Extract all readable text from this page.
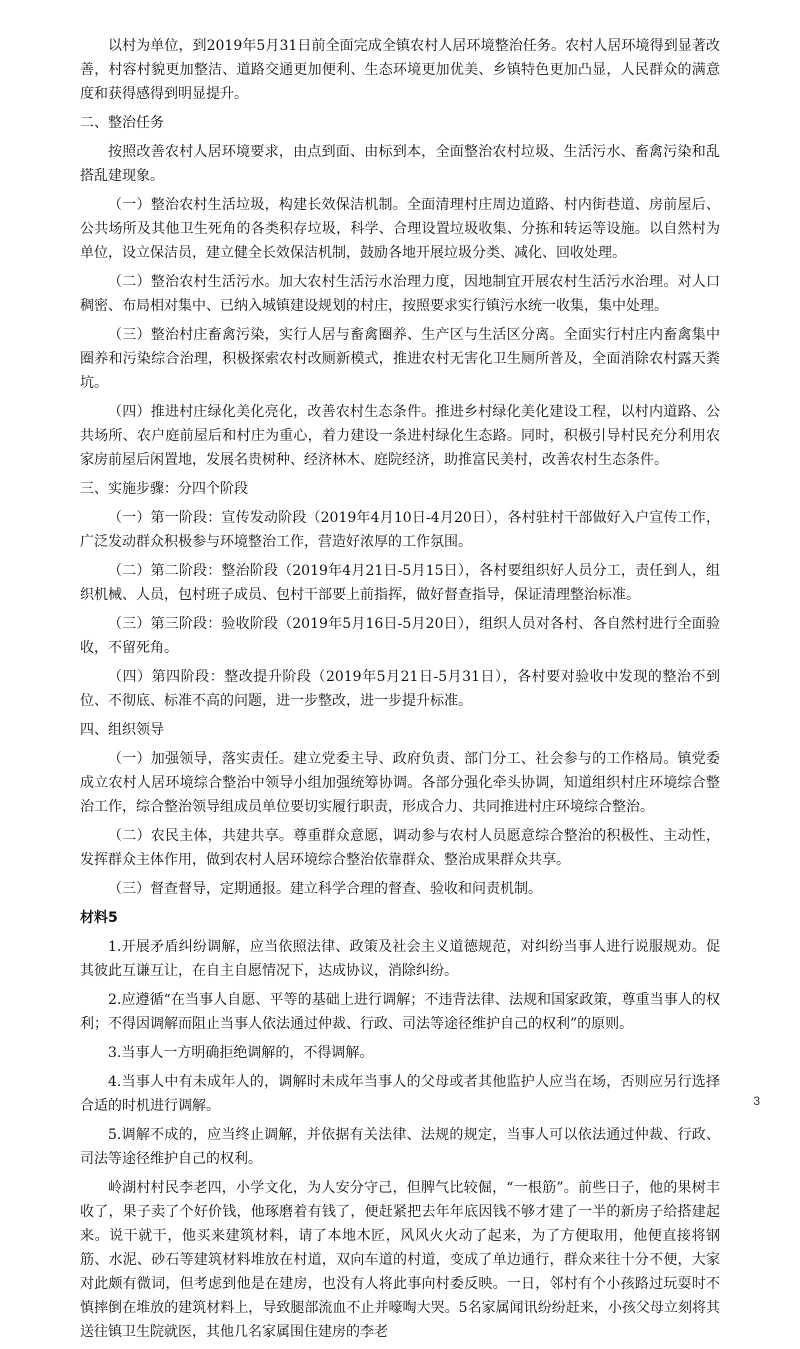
以村为单位，到2019年5月31日前全面完成全镇农村人居环境整治任务。农村人居环境得到显著改善，村容村貌更加整洁、道路交通更加便利、生态环境更加优美、乡镇特色更加凸显，人民群众的满意度和获得感得到明显提升。

二、整治任务

按照改善农村人居环境要求，由点到面、由标到本，全面整治农村垃圾、生活污水、畜禽污染和乱搭乱建现象。

（一）整治农村生活垃圾，构建长效保洁机制。全面清理村庄周边道路、村内街巷道、房前屋后、公共场所及其他卫生死角的各类积存垃圾，科学、合理设置垃圾收集、分拣和转运等设施。以自然村为单位，设立保洁员，建立健全长效保洁机制，鼓励各地开展垃圾分类、减化、回收处理。

（二）整治农村生活污水。加大农村生活污水治理力度，因地制宜开展农村生活污水治理。对人口稠密、布局相对集中、已纳入城镇建设规划的村庄，按照要求实行镇污水统一收集，集中处理。

（三）整治村庄畜禽污染，实行人居与畜禽圈养、生产区与生活区分离。全面实行村庄内畜禽集中圈养和污染综合治理，积极探索农村改厕新模式，推进农村无害化卫生厕所普及，全面消除农村露天粪坑。

（四）推进村庄绿化美化亮化，改善农村生态条件。推进乡村绿化美化建设工程，以村内道路、公共场所、农户庭前屋后和村庄为重心，着力建设一条进村绿化生态路。同时，积极引导村民充分利用农家房前屋后闲置地，发展名贵树种、经济林木、庭院经济，助推富民美村，改善农村生态条件。

三、实施步骤：分四个阶段

（一）第一阶段：宣传发动阶段（2019年4月10日-4月20日），各村驻村干部做好入户宣传工作，广泛发动群众积极参与环境整治工作，营造好浓厚的工作氛围。

（二）第二阶段：整治阶段（2019年4月21日-5月15日），各村要组织好人员分工，责任到人，组织机械、人员，包村班子成员、包村干部要上前指挥，做好督查指导，保证清理整治标准。

（三）第三阶段：验收阶段（2019年5月16日-5月20日），组织人员对各村、各自然村进行全面验收，不留死角。

（四）第四阶段：整改提升阶段（2019年5月21日-5月31日），各村要对验收中发现的整治不到位、不彻底、标准不高的问题，进一步整改，进一步提升标准。

四、组织领导

（一）加强领导，落实责任。建立党委主导、政府负责、部门分工、社会参与的工作格局。镇党委成立农村人居环境综合整治中领导小组加强统筹协调。各部分强化牵头协调，知道组织村庄环境综合整治工作，综合整治领导组成员单位要切实履行职责，形成合力、共同推进村庄环境综合整治。

（二）农民主体，共建共享。尊重群众意愿，调动参与农村人员愿意综合整治的积极性、主动性，发挥群众主体作用，做到农村人居环境综合整治依靠群众、整治成果群众共享。

（三）督查督导，定期通报。建立科学合理的督查、验收和问责机制。

材料5

1.开展矛盾纠纷调解，应当依照法律、政策及社会主义道德规范，对纠纷当事人进行说服规劝。促其彼此互谦互让，在自主自愿情况下，达成协议，消除纠纷。

2.应遵循“在当事人自愿、平等的基础上进行调解；不违背法律、法规和国家政策，尊重当事人的权利；不得因调解而阻止当事人依法通过仲裁、行政、司法等途径维护自己的权利”的原则。

3.当事人一方明确拒绝调解的，不得调解。

4.当事人中有未成年人的，调解时未成年当事人的父母或者其他监护人应当在场，否则应另行选择合适的时机进行调解。

5.调解不成的，应当终止调解，并依据有关法律、法规的规定，当事人可以依法通过仲裁、行政、司法等途径维护自己的权利。

岭湖村村民李老四，小学文化，为人安分守己，但脾气比较倔，“一根筋”。前些日子，他的果树丰收了，果子卖了个好价钱，他琢磨着有钱了，便赶紧把去年年底因钱不够才建了一半的新房子给搭建起来。说干就干，他买来建筑材料，请了本地木匠，风风火火动了起来，为了方便取用，他便直接将钢筋、水泥、砂石等建筑材料堆放在村道，双向车道的村道，变成了单边通行，群众来往十分不便，大家对此颇有微词，但考虑到他是在建房，也没有人将此事向村委反映。一日，邻村有个小孩路过玩耍时不慎摔倒在堆放的建筑材料上，导致腿部流血不止并嚎啕大哭。5名家属闻讯纷纷赶来，小孩父母立刻将其送往镇卫生院就医，其他几名家属围住建房的李老

3
